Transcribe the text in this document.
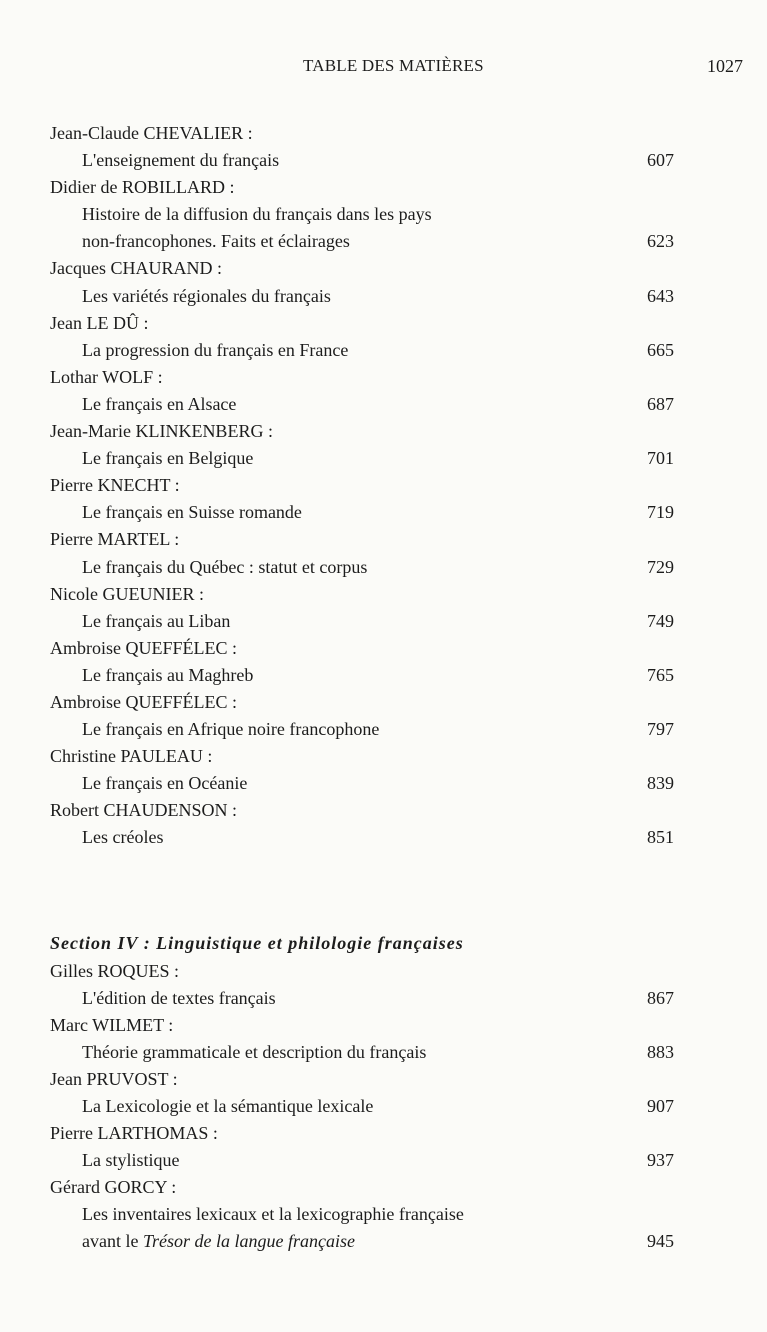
TABLE DES MATIÈRES	1027
Jean-Claude CHEVALIER :
L'enseignement du français	607
Didier de ROBILLARD :
Histoire de la diffusion du français dans les pays
non-francophones. Faits et éclairages	623
Jacques CHAURAND :
Les variétés régionales du français	643
Jean LE DÛ :
La progression du français en France	665
Lothar WOLF :
Le français en Alsace	687
Jean-Marie KLINKENBERG :
Le français en Belgique	701
Pierre KNECHT :
Le français en Suisse romande	719
Pierre MARTEL :
Le français du Québec : statut et corpus	729
Nicole GUEUNIER :
Le français au Liban	749
Ambroise QUEFFÉLEC :
Le français au Maghreb	765
Ambroise QUEFFÉLEC :
Le français en Afrique noire francophone	797
Christine PAULEAU :
Le français en Océanie	839
Robert CHAUDENSON :
Les créoles	851
Section IV : Linguistique et philologie françaises
Gilles ROQUES :
L'édition de textes français	867
Marc WILMET :
Théorie grammaticale et description du français	883
Jean PRUVOST :
La Lexicologie et la sémantique lexicale	907
Pierre LARTHOMAS :
La stylistique	937
Gérard GORCY :
Les inventaires lexicaux et la lexicographie française
avant le Trésor de la langue française	945
